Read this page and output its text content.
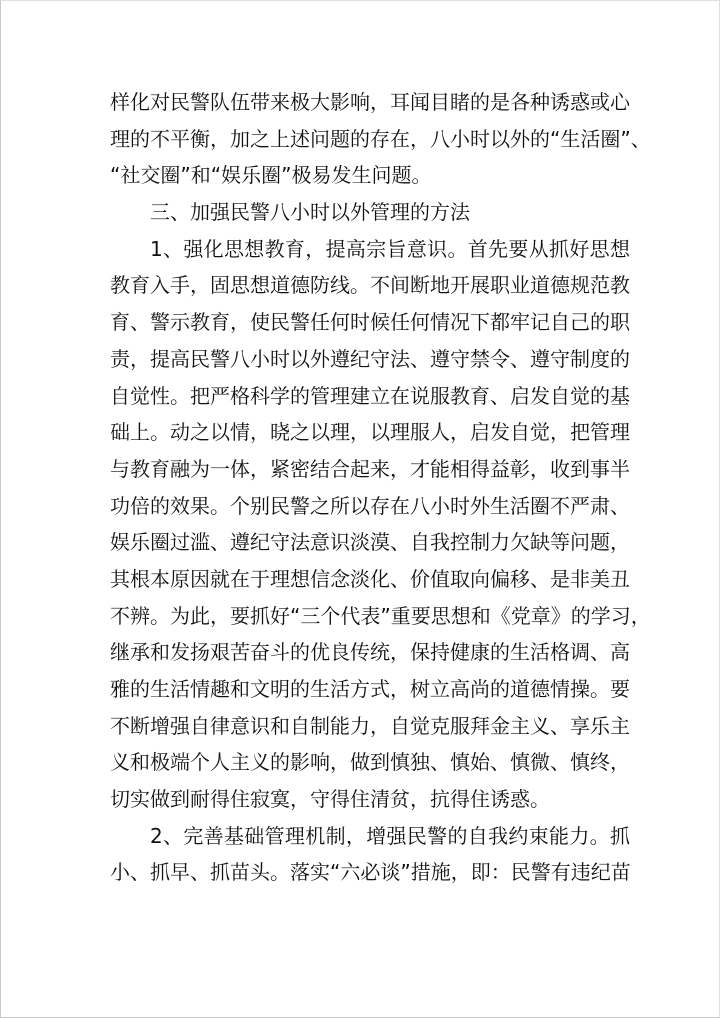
样化对民警队伍带来极大影响，耳闻目睹的是各种诱惑或心
理的不平衡，加之上述问题的存在，八小时以外的“生活圈”、
“社交圈”和“娱乐圈”极易发生问题。
三、加强民警八小时以外管理的方法
1、强化思想教育，提高宗旨意识。首先要从抓好思想
教育入手，固思想道德防线。不间断地开展职业道德规范教
育、警示教育，使民警任何时候任何情况下都牢记自己的职
责，提高民警八小时以外遵纪守法、遵守禁令、遵守制度的
自觉性。把严格科学的管理建立在说服教育、启发自觉的基
础上。动之以情，晓之以理，以理服人，启发自觉，把管理
与教育融为一体，紧密结合起来，才能相得益彰，收到事半
功倍的效果。个别民警之所以存在八小时外生活圈不严肃、
娱乐圈过滥、遵纪守法意识淡漠、自我控制力欠缺等问题，
其根本原因就在于理想信念淡化、价值取向偏移、是非美丑
不辨。为此，要抓好“三个代表”重要思想和《党章》的学习，
继承和发扬艰苦奋斗的优良传统，保持健康的生活格调、高
雅的生活情趣和文明的生活方式，树立高尚的道德情操。要
不断增强自律意识和自制能力，自觉克服拜金主义、享乐主
义和极端个人主义的影响，做到慎独、慎始、慎微、慎终，
切实做到耐得住寂寞，守得住清贫，抗得住诱惑。
2、完善基础管理机制，增强民警的自我约束能力。抓
小、抓早、抓苗头。落实“六必谈”措施，即：民警有违纪苗
